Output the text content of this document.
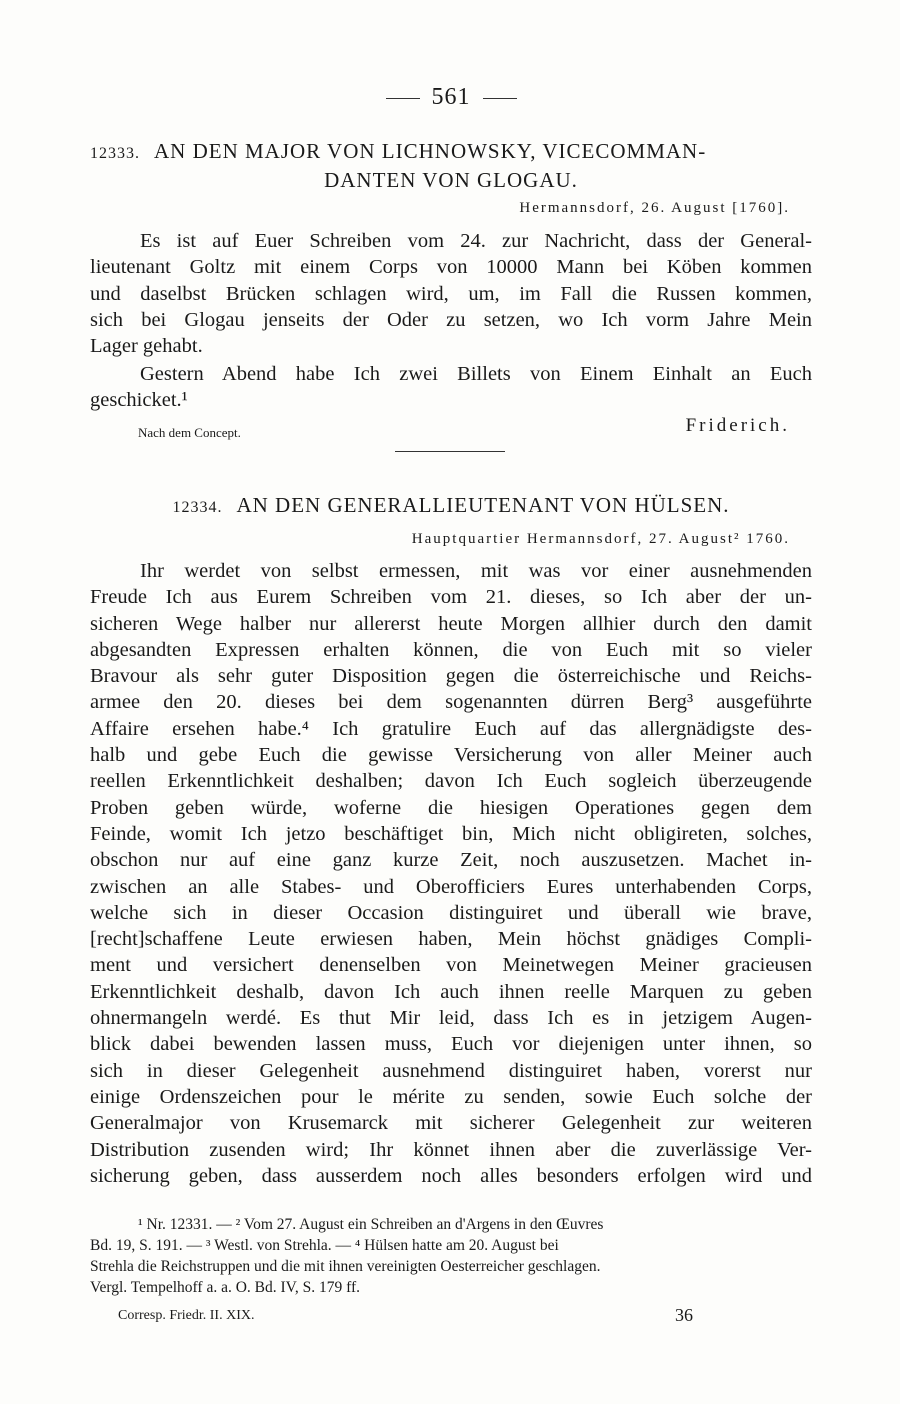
561
12333. AN DEN MAJOR VON LICHNOWSKY, VICECOMMAN-
DANTEN VON GLOGAU.
Hermannsdorf, 26. August [1760].
Es ist auf Euer Schreiben vom 24. zur Nachricht, dass der General-
lieutenant Goltz mit einem Corps von 10000 Mann bei Köben kommen
und daselbst Brücken schlagen wird, um, im Fall die Russen kommen,
sich bei Glogau jenseits der Oder zu setzen, wo Ich vorm Jahre Mein
Lager gehabt.
Gestern Abend habe Ich zwei Billets von Einem Einhalt an Euch
geschicket.¹
Nach dem Concept.	Friderich.
12334. AN DEN GENERALLIEUTENANT VON HÜLSEN.
Hauptquartier Hermannsdorf, 27. August² 1760.
Ihr werdet von selbst ermessen, mit was vor einer ausnehmenden
Freude Ich aus Eurem Schreiben vom 21. dieses, so Ich aber der un-
sicheren Wege halber nur allererst heute Morgen allhier durch den damit
abgesandten Expressen erhalten können, die von Euch mit so vieler
Bravour als sehr guter Disposition gegen die österreichische und Reichs-
armee den 20. dieses bei dem sogenannten dürren Berg³ ausgeführte
Affaire ersehen habe.⁴ Ich gratulire Euch auf das allergnädigste des-
halb und gebe Euch die gewisse Versicherung von aller Meiner auch
reellen Erkenntlichkeit deshalben; davon Ich Euch sogleich überzeugende
Proben geben würde, woferne die hiesigen Operationes gegen dem
Feinde, womit Ich jetzo beschäftiget bin, Mich nicht obligireten, solches,
obschon nur auf eine ganz kurze Zeit, noch auszusetzen. Machet in-
zwischen an alle Stabes- und Oberofficiers Eures unterhabenden Corps,
welche sich in dieser Occasion distinguiret und überall wie brave,
[recht]schaffene Leute erwiesen haben, Mein höchst gnädiges Compli-
ment und versichert denenselben von Meinetwegen Meiner gracieusen
Erkenntlichkeit deshalb, davon Ich auch ihnen reelle Marquen zu geben
ohnermangeln werdé. Es thut Mir leid, dass Ich es in jetzigem Augen-
blick dabei bewenden lassen muss, Euch vor diejenigen unter ihnen, so
sich in dieser Gelegenheit ausnehmend distinguiret haben, vorerst nur
einige Ordenszeichen pour le mérite zu senden, sowie Euch solche der
Generalmajor von Krusemarck mit sicherer Gelegenheit zur weiteren
Distribution zusenden wird; Ihr könnet ihnen aber die zuverlässige Ver-
sicherung geben, dass ausserdem noch alles besonders erfolgen wird und
¹ Nr. 12331. — ² Vom 27. August ein Schreiben an d'Argens in den Œuvres
Bd. 19, S. 191. — ³ Westl. von Strehla. — ⁴ Hülsen hatte am 20. August bei
Strehla die Reichstruppen und die mit ihnen vereinigten Oesterreicher geschlagen.
Vergl. Tempelhoff a. a. O. Bd. IV, S. 179 ff.
Corresp. Friedr. II. XIX.	36
